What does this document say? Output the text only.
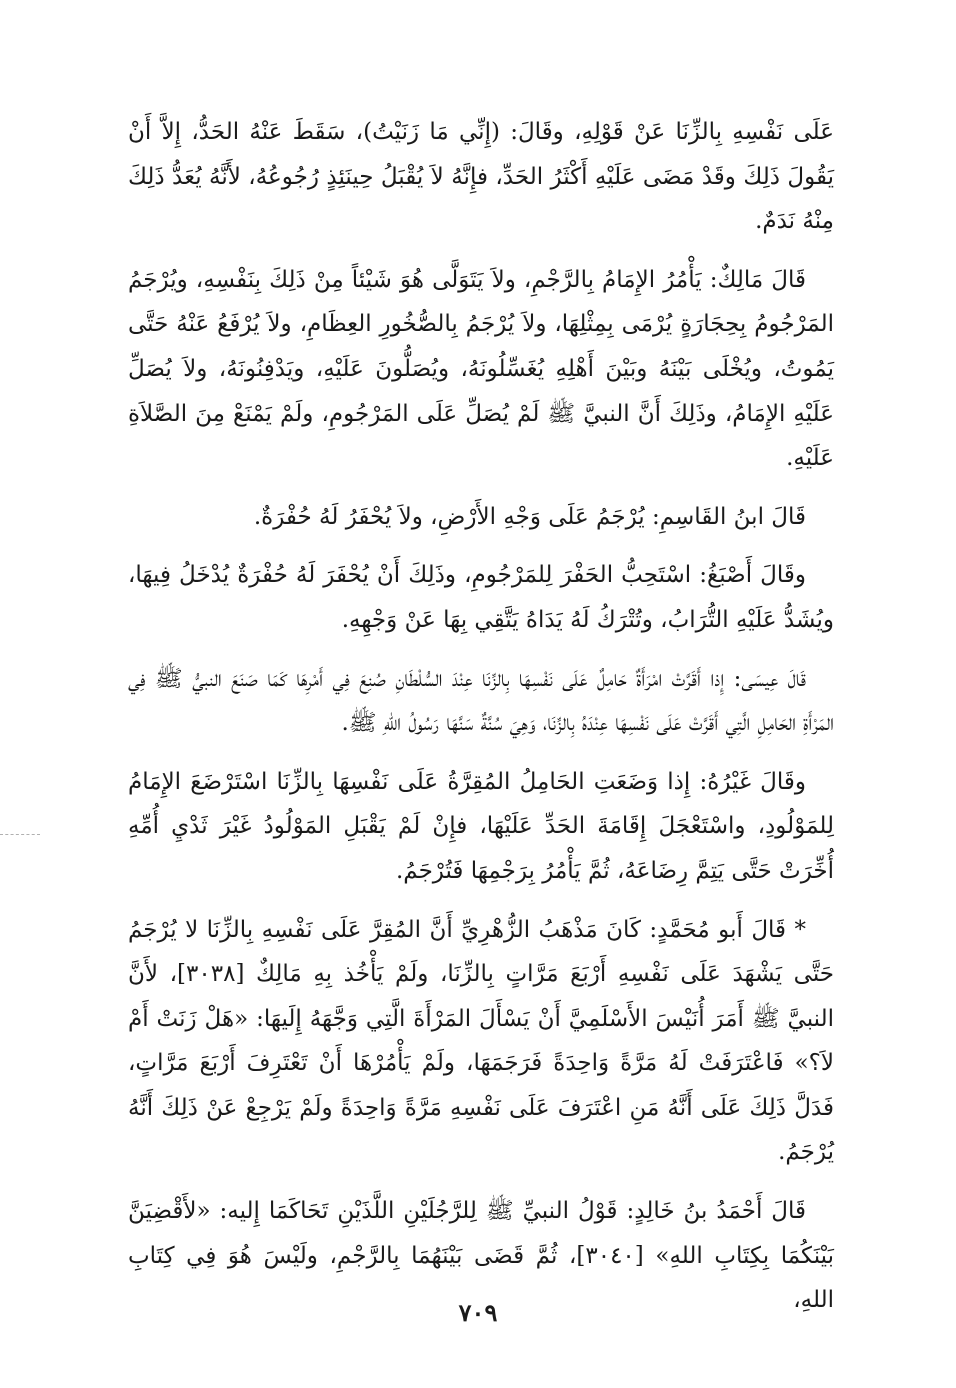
عَلَى نَفْسِهِ بِالزِّنَا عَنْ قَوْلِهِ، وقَالَ: (إِنِّي مَا زَنَيْتُ)، سَقَطَ عَنْهُ الحَدُّ، إِلاَّ أَنْ يَقُولَ ذَلِكَ وقَدْ مَضَى عَلَيْهِ أَكْثَرُ الحَدِّ، فإِنَّهُ لاَ يُقْبَلُ حِينَئِذٍ رُجُوعُهُ، لأَنَّهُ يُعَدُّ ذَلِكَ مِنْهُ نَدَمٌ.

قَالَ مَالِكٌ: يَأْمُرُ الإِمَامُ بِالرَّجْمِ، ولاَ يَتَوَلَّى هُوَ شَيْئاً مِنْ ذَلِكَ بِنَفْسِهِ، ويُرْجَمُ المَرْجُومُ بِحِجَارَةٍ يُرْمَى بِمِثْلِهَا، ولاَ يُرْجَمُ بِالصُّخُورِ العِظَامِ، ولاَ يُرْفَعُ عَنْهُ حَتَّى يَمُوتُ، ويُخْلَى بَيْنَهُ وبَيْنَ أَهْلِهِ يُغَسِّلُونَهُ، ويُصَلُّونَ عَلَيْهِ، ويَدْفِنُونَهُ، ولاَ يُصَلِّ عَلَيْهِ الإِمَامُ، وذَلِكَ أَنَّ النبيَّ ﷺ لَمْ يُصَلِّ عَلَى المَرْجُومِ، ولَمْ يَمْنَعْ مِنَ الصَّلاَةِ عَلَيْهِ.

قَالَ ابنُ القَاسِمِ: يُرْجَمُ عَلَى وَجْهِ الأَرْضِ، ولاَ يُحْفَرُ لَهُ حُفْرَةٌ.

وقَالَ أَصْبَغُ: اسْتَحِبُّ الحَفْرَ لِلمَرْجُومِ، وذَلِكَ أَنْ يُحْفَرَ لَهُ حُفْرَةٌ يُدْخَلُ فِيهَا، ويُشَدُّ عَلَيْهِ التُّرَابُ، وتُتْرَكُ لَهُ يَدَاهُ يَتَّقِي بِهَا عَنْ وَجْهِهِ.

قَالَ عِيسَى: إِذا أَقَرَّتْ امْرَأَةٌ حَامِلٌ عَلَى نَفْسِهَا بِالزِّنَا عِنْدَ السُّلْطَانِ صُنِعَ فِي أَمْرِهَا كَمَا صَنَعَ النبيُّ ﷺ فِي المَرْأَةِ الحَامِلِ الَّتِي أَقَرَّتْ عَلَى نَفْسِهَا عِنْدَهُ بِالزِّنَا، وَهِيَ سُنَّةٌ سَنَّهَا رَسُولُ اللهِ ﷺ.

وقَالَ غَيْرُهُ: إِذا وَضَعَتِ الحَامِلُ المُقِرَّةُ عَلَى نَفْسِهَا بِالزِّنَا اسْتَرْضَعَ الإِمَامُ لِلمَوْلُودِ، واسْتَعْجَلَ إِقَامَةَ الحَدِّ عَلَيْهَا، فإِنْ لَمْ يَقْبَلِ المَوْلُودُ غَيْرَ ثَدْيِ أُمِّهِ أُخِّرَتْ حَتَّى يَتِمَّ رِضَاعَهُ، ثُمَّ يَأْمُرُ بِرَجْمِهَا فَتُرْجَمُ.

* قَالَ أَبو مُحَمَّدٍ: كَانَ مَذْهَبُ الزُّهْرِيِّ أَنَّ المُقِرَّ عَلَى نَفْسِهِ بِالزِّنَا لا يُرْجَمُ حَتَّى يَشْهَدَ عَلَى نَفْسِهِ أَرْبَعَ مَرَّاتٍ بِالزِّنَا، ولَمْ يَأْخُذ بِهِ مَالِكٌ [٣٠٣٨]، لأَنَّ النبيَّ ﷺ أَمَرَ أُنَيْسَ الأَسْلَمِيَّ أَنْ يَسْأَلَ المَرْأَةَ الَّتِي وَجَّهَهُ إِلَيهَا: «هَلْ زَنَتْ أَمْ لاَ؟» فَاعْتَرَفَتْ لَهُ مَرَّةً وَاحِدَةً فَرَجَمَهَا، ولَمْ يَأْمُرْهَا أَنْ تَعْتَرِفَ أَرْبَعَ مَرَّاتٍ، فَدَلَّ ذَلِكَ عَلَى أَنَّهُ مَنِ اعْتَرَفَ عَلَى نَفْسِهِ مَرَّةً وَاحِدَةً ولَمْ يَرْجِعْ عَنْ ذَلِكَ أَنَّهُ يُرْجَمُ.

قَالَ أَحْمَدُ بنُ خَالِدٍ: قَوْلُ النبيِّ ﷺ لِلرَّجُلَيْنِ اللَّذَيْنِ تَحَاكَمَا إِليه: «لأَقْضِيَنَّ بَيْنَكُمَا بِكِتَابِ اللهِ» [٣٠٤٠]، ثُمَّ قَضَى بَيْنَهُمَا بِالرَّجْمِ، ولَيْسَ هُوَ فِي كِتَابِ اللهِ،

٧٠٩
